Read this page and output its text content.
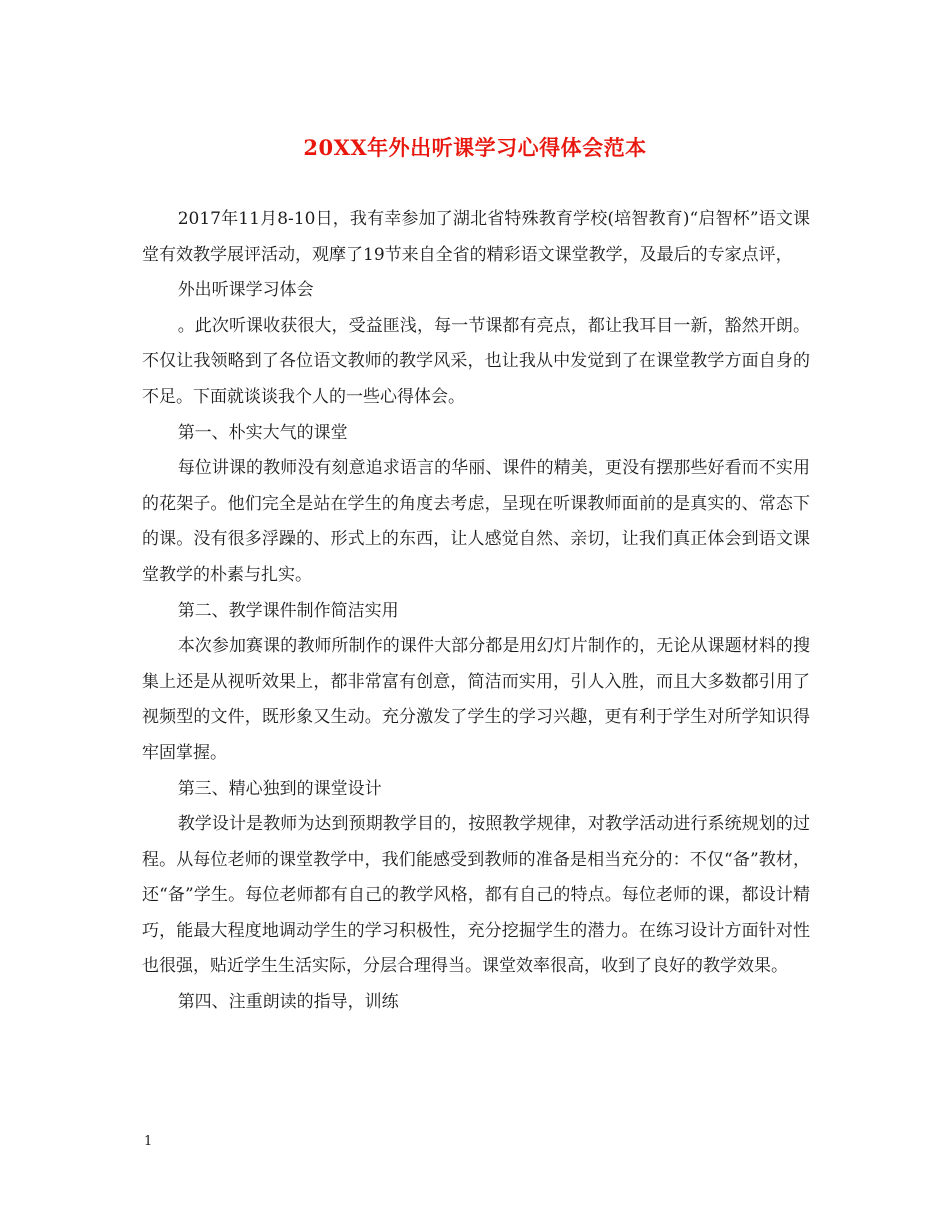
20XX年外出听课学习心得体会范本

2017年11月8-10日，我有幸参加了湖北省特殊教育学校(培智教育)“启智杯”语文课堂有效教学展评活动，观摩了19节来自全省的精彩语文课堂教学，及最后的专家点评，

外出听课学习体会

。此次听课收获很大，受益匪浅，每一节课都有亮点，都让我耳目一新，豁然开朗。不仅让我领略到了各位语文教师的教学风采，也让我从中发觉到了在课堂教学方面自身的不足。下面就谈谈我个人的一些心得体会。

第一、朴实大气的课堂

每位讲课的教师没有刻意追求语言的华丽、课件的精美，更没有摆那些好看而不实用的花架子。他们完全是站在学生的角度去考虑，呈现在听课教师面前的是真实的、常态下的课。没有很多浮躁的、形式上的东西，让人感觉自然、亲切，让我们真正体会到语文课堂教学的朴素与扎实。

第二、教学课件制作简洁实用

本次参加赛课的教师所制作的课件大部分都是用幻灯片制作的，无论从课题材料的搜集上还是从视听效果上，都非常富有创意，简洁而实用，引人入胜，而且大多数都引用了视频型的文件，既形象又生动。充分激发了学生的学习兴趣，更有利于学生对所学知识得牢固掌握。

第三、精心独到的课堂设计

教学设计是教师为达到预期教学目的，按照教学规律，对教学活动进行系统规划的过程。从每位老师的课堂教学中，我们能感受到教师的准备是相当充分的：不仅“备”教材，还“备”学生。每位老师都有自己的教学风格，都有自己的特点。每位老师的课，都设计精巧，能最大程度地调动学生的学习积极性，充分挖掘学生的潜力。在练习设计方面针对性也很强，贴近学生生活实际，分层合理得当。课堂效率很高，收到了良好的教学效果。

第四、注重朗读的指导，训练

1
